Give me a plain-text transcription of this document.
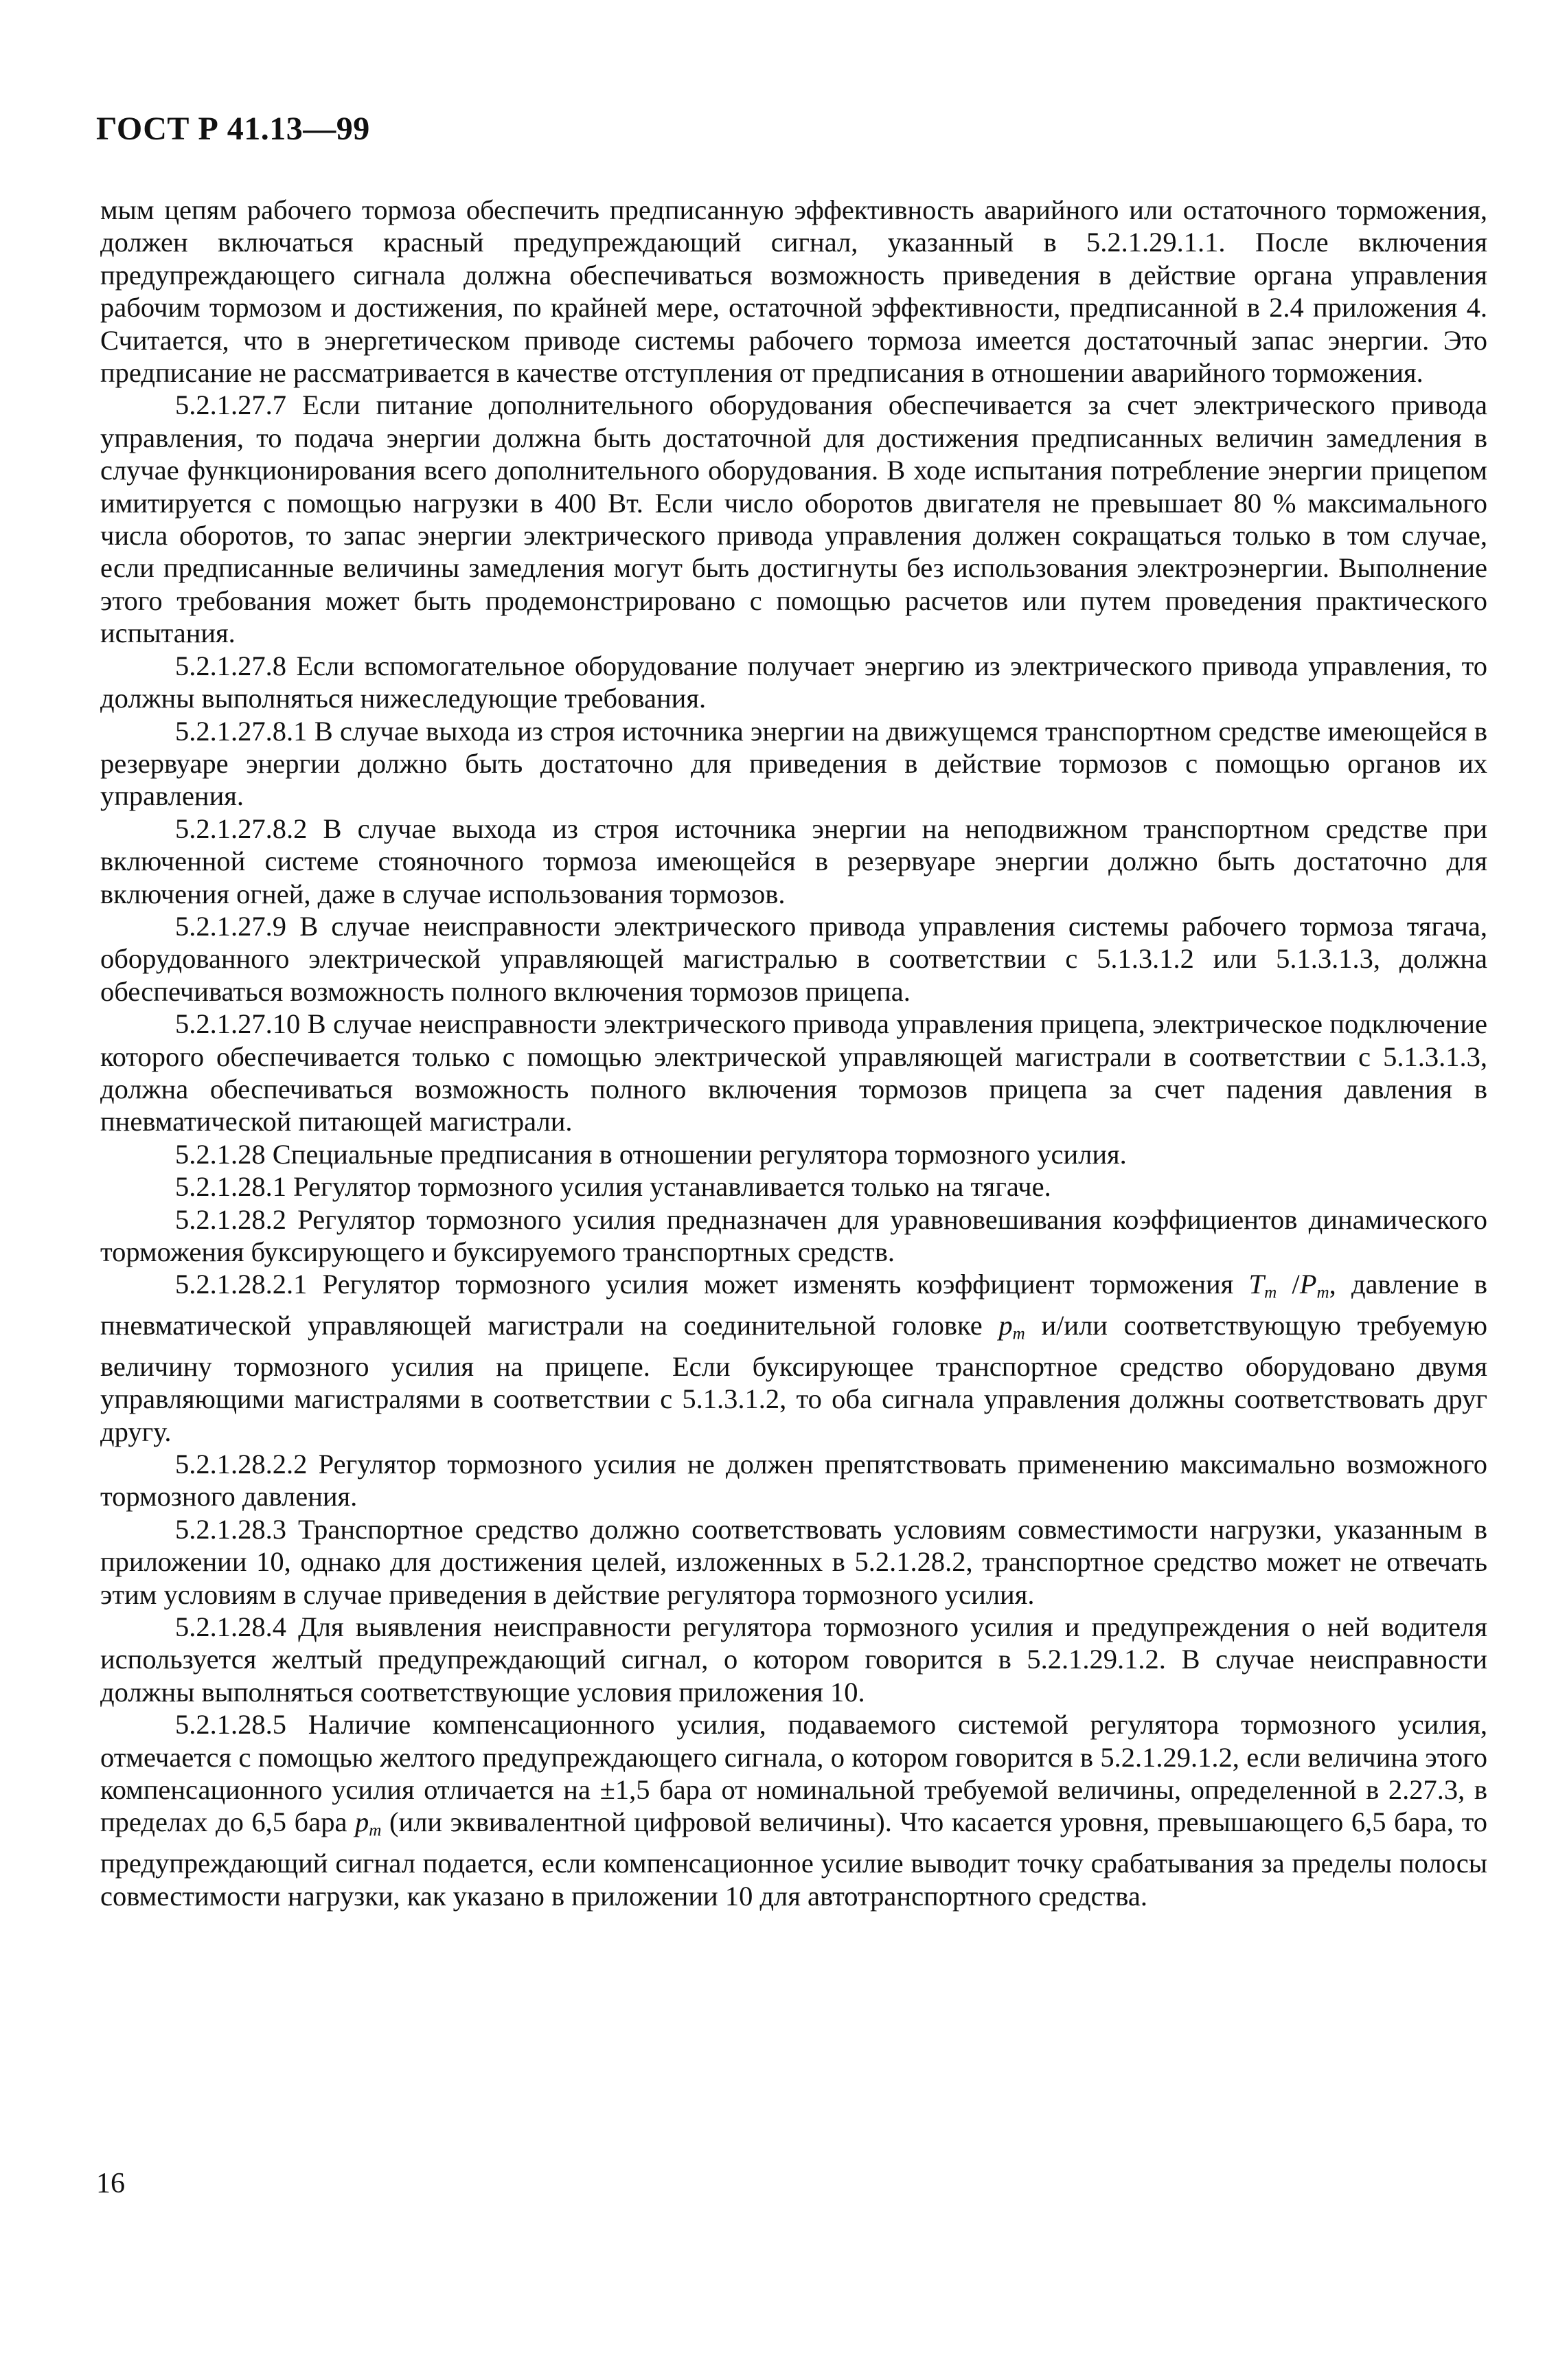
ГОСТ Р 41.13—99

мым цепям рабочего тормоза обеспечить предписанную эффективность аварийного или остаточного торможения, должен включаться красный предупреждающий сигнал, указанный в 5.2.1.29.1.1. После включения предупреждающего сигнала должна обеспечиваться возможность приведения в действие органа управления рабочим тормозом и достижения, по крайней мере, остаточной эффективности, предписанной в 2.4 приложения 4. Считается, что в энергетическом приводе системы рабочего тормоза имеется достаточный запас энергии. Это предписание не рассматривается в качестве отступления от предписания в отношении аварийного торможения.

5.2.1.27.7 Если питание дополнительного оборудования обеспечивается за счет электрического привода управления, то подача энергии должна быть достаточной для достижения предписанных величин замедления в случае функционирования всего дополнительного оборудования. В ходе испытания потребление энергии прицепом имитируется с помощью нагрузки в 400 Вт. Если число оборотов двигателя не превышает 80 % максимального числа оборотов, то запас энергии электрического привода управления должен сокращаться только в том случае, если предписанные величины замедления могут быть достигнуты без использования электроэнергии. Выполнение этого требования может быть продемонстрировано с помощью расчетов или путем проведения практического испытания.

5.2.1.27.8 Если вспомогательное оборудование получает энергию из электрического привода управления, то должны выполняться нижеследующие требования.

5.2.1.27.8.1 В случае выхода из строя источника энергии на движущемся транспортном средстве имеющейся в резервуаре энергии должно быть достаточно для приведения в действие тормозов с помощью органов их управления.

5.2.1.27.8.2 В случае выхода из строя источника энергии на неподвижном транспортном средстве при включенной системе стояночного тормоза имеющейся в резервуаре энергии должно быть достаточно для включения огней, даже в случае использования тормозов.

5.2.1.27.9 В случае неисправности электрического привода управления системы рабочего тормоза тягача, оборудованного электрической управляющей магистралью в соответствии с 5.1.3.1.2 или 5.1.3.1.3, должна обеспечиваться возможность полного включения тормозов прицепа.

5.2.1.27.10 В случае неисправности электрического привода управления прицепа, электрическое подключение которого обеспечивается только с помощью электрической управляющей магистрали в соответствии с 5.1.3.1.3, должна обеспечиваться возможность полного включения тормозов прицепа за счет падения давления в пневматической питающей магистрали.

5.2.1.28 Специальные предписания в отношении регулятора тормозного усилия.

5.2.1.28.1 Регулятор тормозного усилия устанавливается только на тягаче.

5.2.1.28.2 Регулятор тормозного усилия предназначен для уравновешивания коэффициентов динамического торможения буксирующего и буксируемого транспортных средств.

5.2.1.28.2.1 Регулятор тормозного усилия может изменять коэффициент торможения $T_m$ $/P_m$, давление в пневматической управляющей магистрали на соединительной головке $p_m$ и/или соответствующую требуемую величину тормозного усилия на прицепе. Если буксирующее транспортное средство оборудовано двумя управляющими магистралями в соответствии с 5.1.3.1.2, то оба сигнала управления должны соответствовать друг другу.

5.2.1.28.2.2 Регулятор тормозного усилия не должен препятствовать применению максимально возможного тормозного давления.

5.2.1.28.3 Транспортное средство должно соответствовать условиям совместимости нагрузки, указанным в приложении 10, однако для достижения целей, изложенных в 5.2.1.28.2, транспортное средство может не отвечать этим условиям в случае приведения в действие регулятора тормозного усилия.

5.2.1.28.4 Для выявления неисправности регулятора тормозного усилия и предупреждения о ней водителя используется желтый предупреждающий сигнал, о котором говорится в 5.2.1.29.1.2. В случае неисправности должны выполняться соответствующие условия приложения 10.

5.2.1.28.5 Наличие компенсационного усилия, подаваемого системой регулятора тормозного усилия, отмечается с помощью желтого предупреждающего сигнала, о котором говорится в 5.2.1.29.1.2, если величина этого компенсационного усилия отличается на ±1,5 бара от номинальной требуемой величины, определенной в 2.27.3, в пределах до 6,5 бара $p_m$ (или эквивалентной цифровой величины). Что касается уровня, превышающего 6,5 бара, то предупреждающий сигнал подается, если компенсационное усилие выводит точку срабатывания за пределы полосы совместимости нагрузки, как указано в приложении 10 для автотранспортного средства.

16
